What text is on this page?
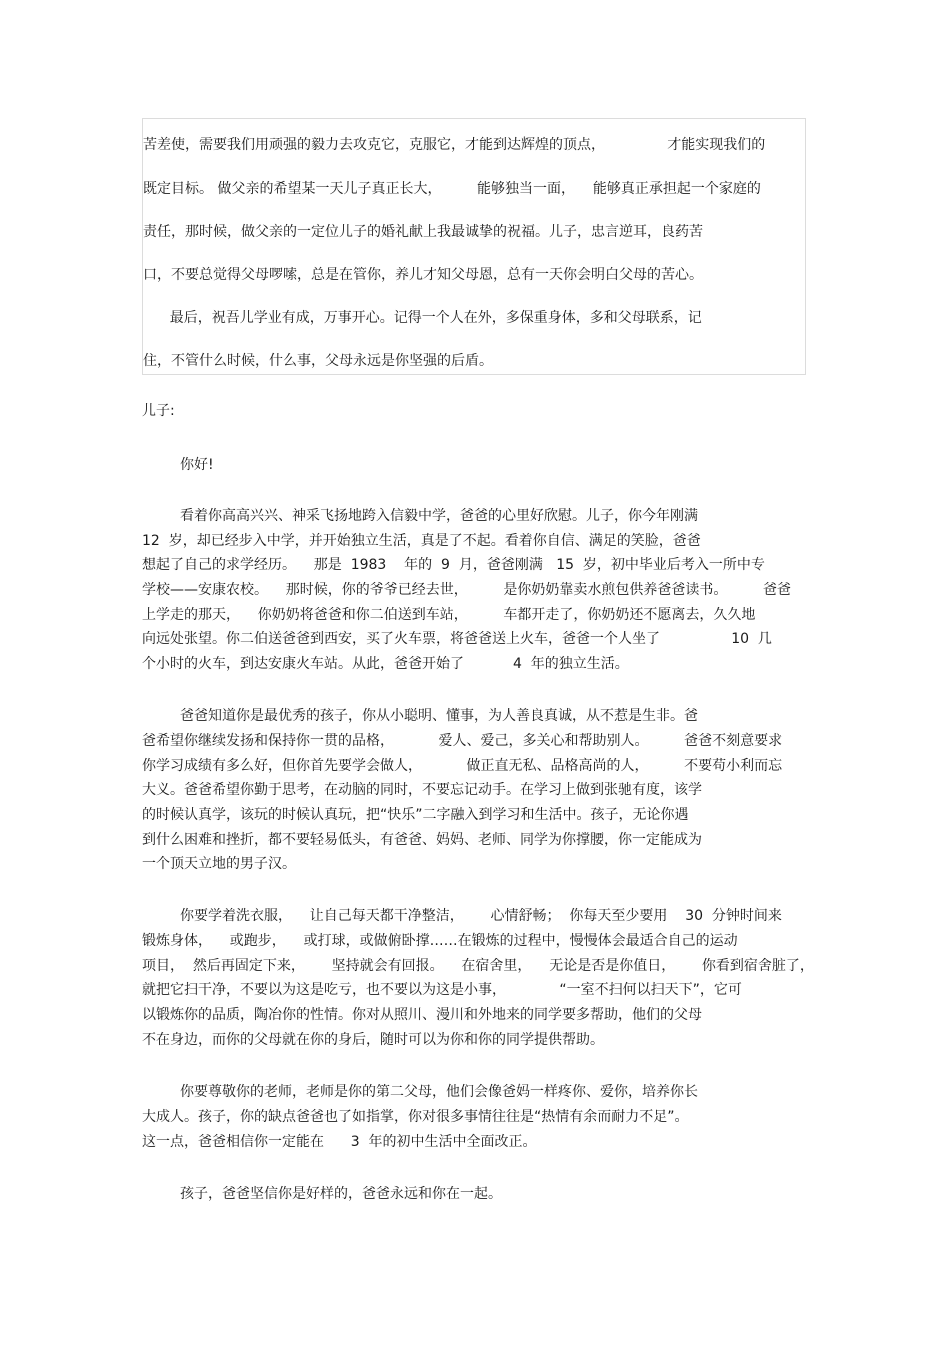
苦差使，需要我们用顽强的毅力去攻克它，克服它，才能到达辉煌的顶点，              才能实现我们的
既定目标。 做父亲的希望某一天儿子真正长大，        能够独当一面，    能够真正承担起一个家庭的
责任，那时候，做父亲的一定位儿子的婚礼献上我最诚挚的祝福。儿子，忠言逆耳，良药苦
口，不要总觉得父母啰嗦，总是在管你，养儿才知父母恩，总有一天你会明白父母的苦心。
最后，祝吾儿学业有成，万事开心。记得一个人在外，多保重身体，多和父母联系，记
住，不管什么时候，什么事，父母永远是你坚强的后盾。
儿子:
你好!
看着你高高兴兴、神采飞扬地跨入信毅中学，爸爸的心里好欣慰。儿子，你今年刚满
12  岁，却已经步入中学，并开始独立生活，真是了不起。看着你自信、满足的笑脸，爸爸
想起了自己的求学经历。    那是  1983    年的  9  月，爸爸刚满   15  岁，初中毕业后考入一所中专
学校——安康农校。    那时候，你的爷爷已经去世，        是你奶奶靠卖水煎包供养爸爸读书。        爸爸
上学走的那天，    你奶奶将爸爸和你二伯送到车站，        车都开走了，你奶奶还不愿离去，久久地
向远处张望。你二伯送爸爸到西安，买了火车票，将爸爸送上火车，爸爸一个人坐了                10  几
个小时的火车，到达安康火车站。从此，爸爸开始了           4  年的独立生活。
爸爸知道你是最优秀的孩子，你从小聪明、懂事，为人善良真诚，从不惹是生非。爸
爸希望你继续发扬和保持你一贯的品格，          爱人、爱己，多关心和帮助别人。        爸爸不刻意要求
你学习成绩有多么好，但你首先要学会做人，          做正直无私、品格高尚的人，        不要苟小利而忘
大义。爸爸希望你勤于思考，在动脑的同时，不要忘记动手。在学习上做到张驰有度，该学
的时候认真学，该玩的时候认真玩，把“快乐”二字融入到学习和生活中。孩子，无论你遇
到什么困难和挫折，都不要轻易低头，有爸爸、妈妈、老师、同学为你撑腰，你一定能成为
一个顶天立地的男子汉。
你要学着洗衣服，    让自己每天都干净整洁，      心情舒畅；  你每天至少要用    30  分钟时间来
锻炼身体，    或跑步，    或打球，或做俯卧撑……在锻炼的过程中，慢慢体会最适合自己的运动
项目，  然后再固定下来，      坚持就会有回报。    在宿舍里，    无论是否是你值日，      你看到宿舍脏了，
就把它扫干净，不要以为这是吃亏，也不要以为这是小事，            “一室不扫何以扫天下”，它可
以锻炼你的品质，陶冶你的性情。你对从照川、漫川和外地来的同学要多帮助，他们的父母
不在身边，而你的父母就在你的身后，随时可以为你和你的同学提供帮助。
你要尊敬你的老师，老师是你的第二父母，他们会像爸妈一样疼你、爱你，培养你长
大成人。孩子，你的缺点爸爸也了如指掌，你对很多事情往往是“热情有余而耐力不足”。
这一点，爸爸相信你一定能在      3  年的初中生活中全面改正。
孩子，爸爸坚信你是好样的，爸爸永远和你在一起。
